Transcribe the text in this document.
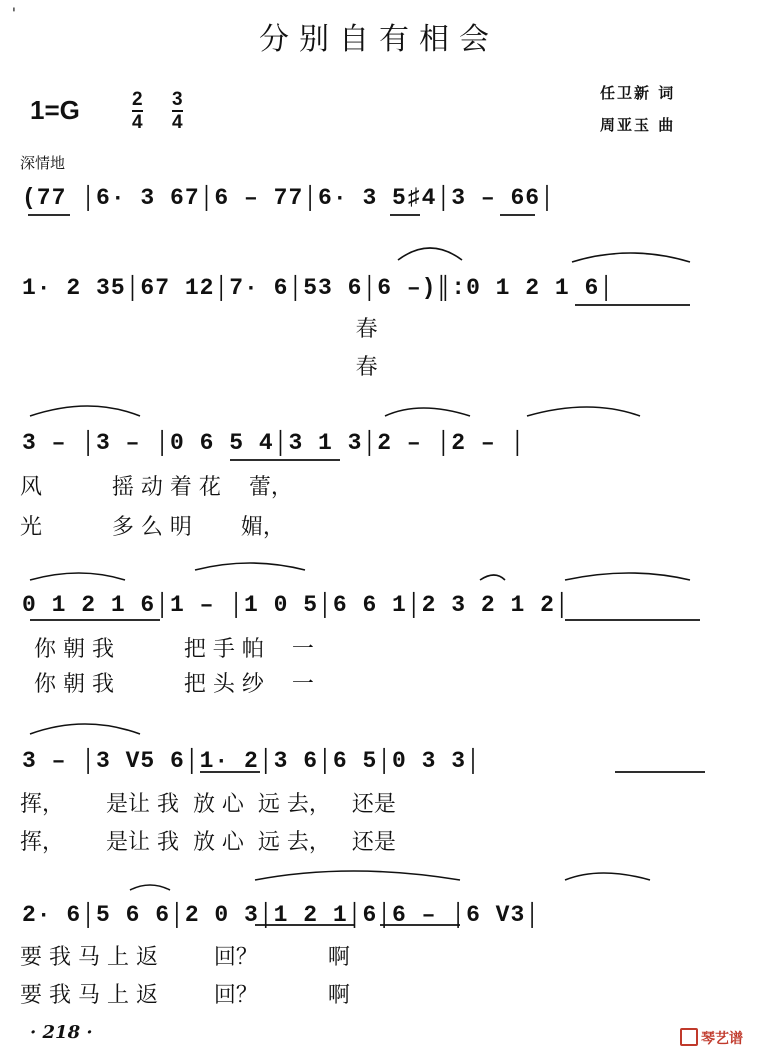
'
分别自有相会
1=G	2
4
3
4
任卫新 词
周亚玉 曲
深情地
(77 │6· 3 67│6 – 77│6· 3 5♯4│3 – 66│
1· 2 35│67 12│7· 6│53 6│6 –)║:0 1 2 1 6│
春
春
3 – │3 – │0 6 5 4│3 1 3│2 – │2 – │
风          摇 动 着 花    蕾，
光          多 么 明       媚，
0 1 2 1 6│1 – │1 0 5│6 6 1│2 3 2 1 2│
你 朝 我          把 手 帕    一
你 朝 我          把 头 纱    一
3 – │3 V5 6│1· 2│3 6│6 5│0 3 3│
挥，      是让 我  放 心  远 去，   还是
挥，      是让 我  放 心  远 去，   还是
2· 6│5 6 6│2 0 3│1 2 1│6│6 – │6 V3│
要 我 马 上 返        回？          啊
要 我 马 上 返        回？          啊
· 218 ·	琴艺谱
